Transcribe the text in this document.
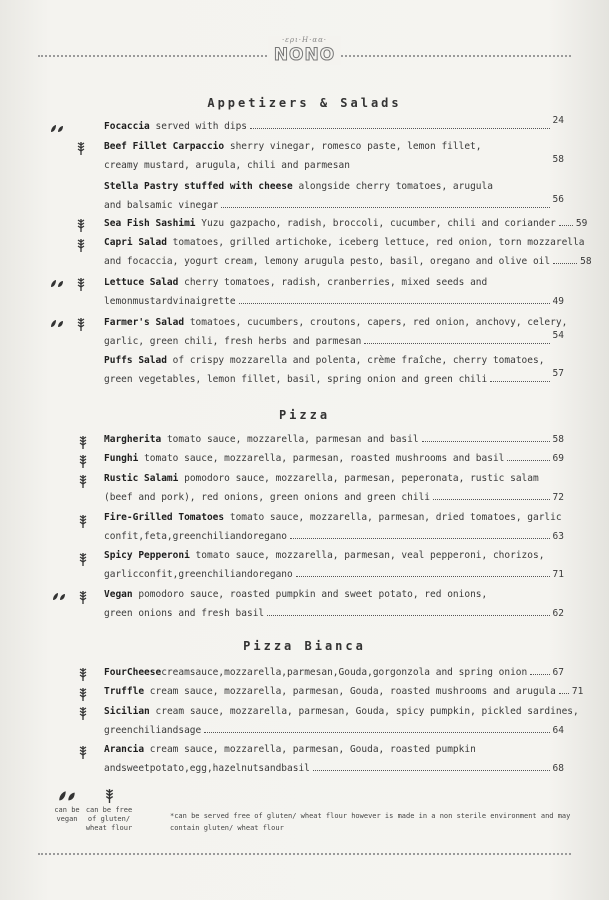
·ερι·Η·αα·
NONO
Appetizers & Salads
Focaccia served with dips
24
Beef Fillet Carpaccio sherry vinegar, romesco paste, lemon fillet,
creamy mustard, arugula, chili and parmesan
58
Stella Pastry stuffed with cheese alongside cherry tomatoes, arugula
and balsamic vinegar
56
Sea Fish Sashimi Yuzu gazpacho, radish, broccoli, cucumber, chili and coriander 59
Capri Salad tomatoes, grilled artichoke, iceberg lettuce, red onion, torn mozzarella
and focaccia, yogurt cream, lemony arugula pesto, basil, oregano and olive oil	58
Lettuce Salad cherry tomatoes, radish, cranberries, mixed seeds and
lemonmustardvinaigrette	49
Farmer's Salad tomatoes, cucumbers, croutons, capers, red onion, anchovy, celery,
garlic, green chili, fresh herbs and parmesan
54
Puffs Salad of crispy mozzarella and polenta, crème fraîche, cherry tomatoes,
green vegetables, lemon fillet, basil, spring onion and green chili
57
Pizza
Margherita tomato sauce, mozzarella, parmesan and basil	58
Funghi tomato sauce, mozzarella, parmesan, roasted mushrooms and basil	69
Rustic Salami pomodoro sauce, mozzarella, parmesan, peperonata, rustic salam
(beef and pork), red onions, green onions and green chili	72
Fire-Grilled Tomatoes tomato sauce, mozzarella, parmesan, dried tomatoes, garlic
confit,feta,greenchiliandoregano	63
Spicy Pepperoni tomato sauce, mozzarella, parmesan, veal pepperoni, chorizos,
garlicconfit,greenchiliandoregano	71
Vegan pomodoro sauce, roasted pumpkin and sweet potato, red onions,
green onions and fresh basil	62
Pizza Bianca
FourCheesecreamsauce,mozzarella,parmesan,Gouda,gorgonzola and spring onion	67
Truffle cream sauce, mozzarella, parmesan, Gouda, roasted mushrooms and arugula 71
Sicilian cream sauce, mozzarella, parmesan, Gouda, spicy pumpkin, pickled sardines,
greenchiliandsage	64
Arancia cream sauce, mozzarella, parmesan, Gouda, roasted pumpkin
andsweetpotato,egg,hazelnutsandbasil	68
can be
vegan
can be free
of gluten/
wheat flour
*can be served free of gluten/ wheat flour however is made in a non sterile environment and may
contain gluten/ wheat flour
